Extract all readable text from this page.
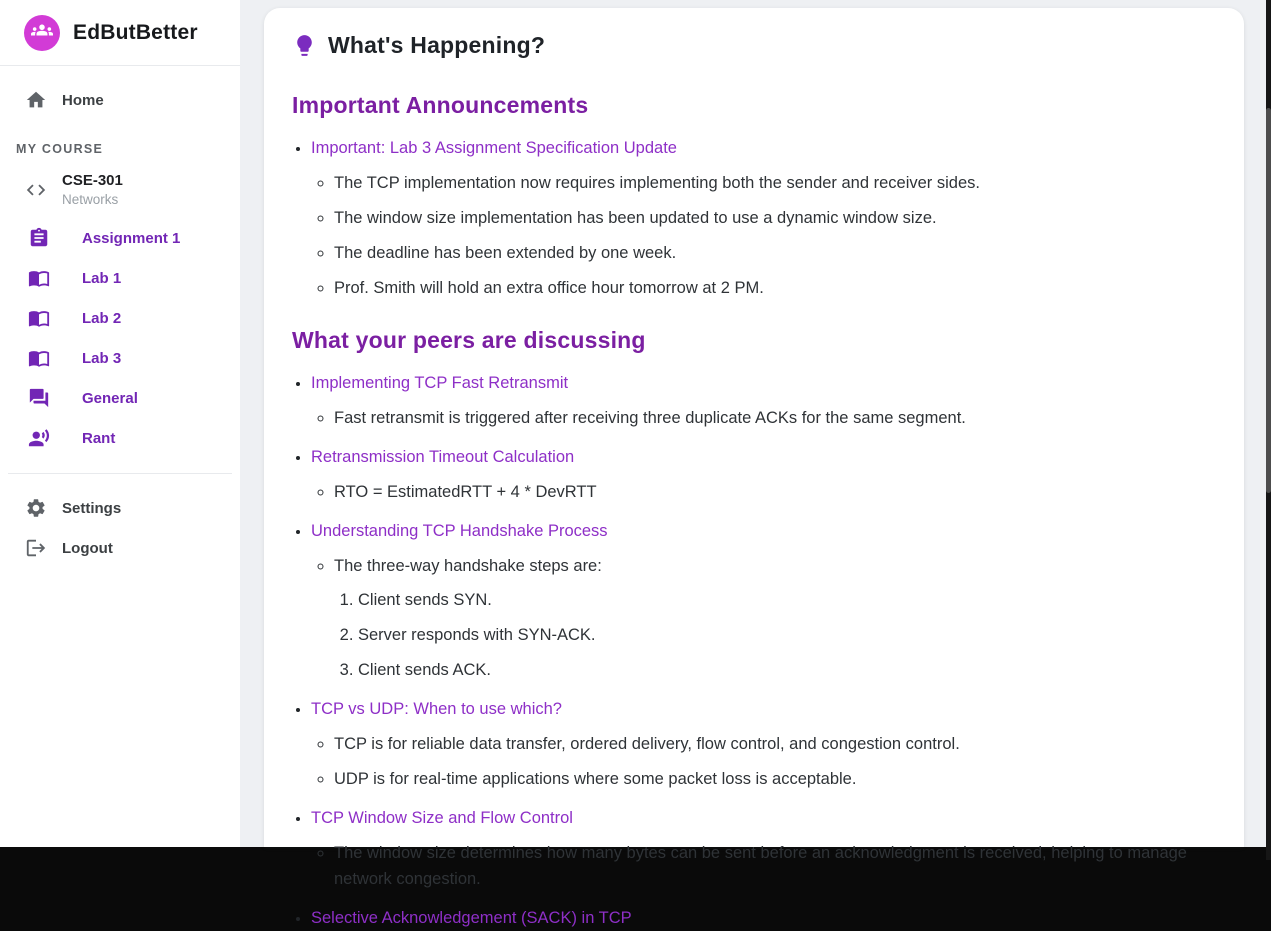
EdButBetter
Home
MY COURSE
CSE-301
Networks
Assignment 1
Lab 1
Lab 2
Lab 3
General
Rant
Settings
Logout
What's Happening?
Important Announcements
• Important: Lab 3 Assignment Specification Update
◦ The TCP implementation now requires implementing both the sender and receiver sides.
◦ The window size implementation has been updated to use a dynamic window size.
◦ The deadline has been extended by one week.
◦ Prof. Smith will hold an extra office hour tomorrow at 2 PM.
What your peers are discussing
• Implementing TCP Fast Retransmit
◦ Fast retransmit is triggered after receiving three duplicate ACKs for the same segment.
• Retransmission Timeout Calculation
◦ RTO = EstimatedRTT + 4 * DevRTT
• Understanding TCP Handshake Process
◦ The three-way handshake steps are:
1. Client sends SYN.
2. Server responds with SYN-ACK.
3. Client sends ACK.
• TCP vs UDP: When to use which?
◦ TCP is for reliable data transfer, ordered delivery, flow control, and congestion control.
◦ UDP is for real-time applications where some packet loss is acceptable.
• TCP Window Size and Flow Control
◦ The window size determines how many bytes can be sent before an acknowledgment is received, helping to manage network congestion.
• Selective Acknowledgement (SACK) in TCP
